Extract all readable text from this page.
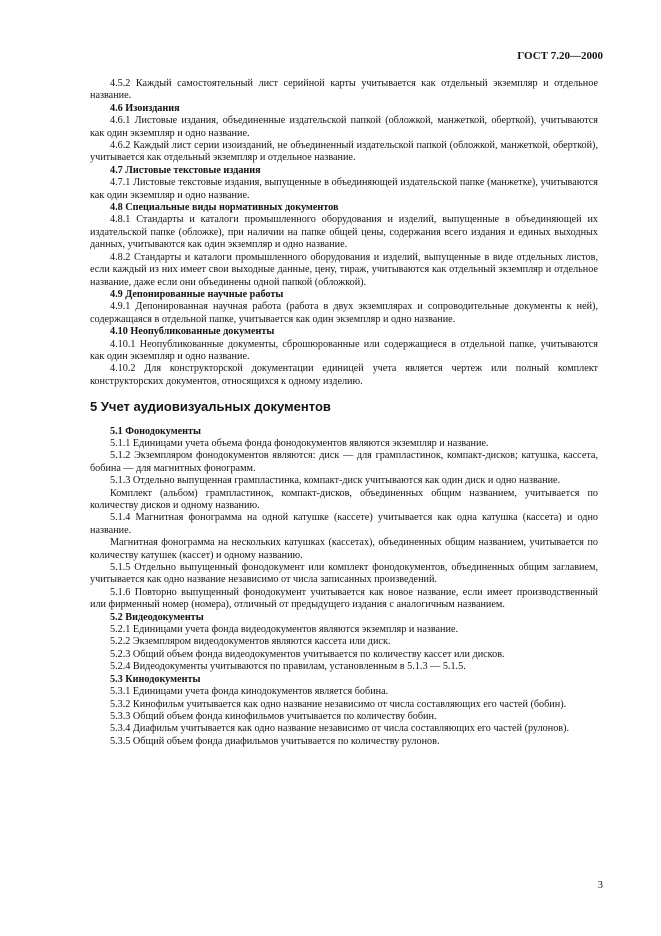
ГОСТ 7.20—2000

4.5.2 Каждый самостоятельный лист серийной карты учитывается как отдельный экземпляр и отдельное название.

4.6 Изоиздания

4.6.1 Листовые издания, объединенные издательской папкой (обложкой, манжеткой, оберткой), учитываются как один экземпляр и одно название.

4.6.2 Каждый лист серии изоизданий, не объединенный издательской папкой (обложкой, манжеткой, оберткой), учитывается как отдельный экземпляр и отдельное название.

4.7 Листовые текстовые издания

4.7.1 Листовые текстовые издания, выпущенные в объединяющей издательской папке (манжетке), учитываются как один экземпляр и одно название.

4.8 Специальные виды нормативных документов

4.8.1 Стандарты и каталоги промышленного оборудования и изделий, выпущенные в объединяющей их издательской папке (обложке), при наличии на папке общей цены, содержания всего издания и единых выходных данных, учитываются как один экземпляр и одно название.

4.8.2 Стандарты и каталоги промышленного оборудования и изделий, выпущенные в виде отдельных листов, если каждый из них имеет свои выходные данные, цену, тираж, учитываются как отдельный экземпляр и отдельное название, даже если они объединены одной папкой (обложкой).

4.9 Депонированные научные работы

4.9.1 Депонированная научная работа (работа в двух экземплярах и сопроводительные документы к ней), содержащаяся в отдельной папке, учитывается как один экземпляр и одно название.

4.10 Неопубликованные документы

4.10.1 Неопубликованные документы, сброшюрованные или содержащиеся в отдельной папке, учитываются как один экземпляр и одно название.

4.10.2 Для конструкторской документации единицей учета является чертеж или полный комплект конструкторских документов, относящихся к одному изделию.

5 Учет аудиовизуальных документов

5.1 Фонодокументы

5.1.1 Единицами учета объема фонда фонодокументов являются экземпляр и название.

5.1.2 Экземпляром фонодокументов являются: диск — для грампластинок, компакт-дисков; катушка, кассета, бобина — для магнитных фонограмм.

5.1.3 Отдельно выпущенная грампластинка, компакт-диск учитываются как один диск и одно название.

Комплект (альбом) грампластинок, компакт-дисков, объединенных общим названием, учитывается по количеству дисков и одному названию.

5.1.4 Магнитная фонограмма на одной катушке (кассете) учитывается как одна катушка (кассета) и одно название.

Магнитная фонограмма на нескольких катушках (кассетах), объединенных общим названием, учитывается по количеству катушек (кассет) и одному названию.

5.1.5 Отдельно выпущенный фонодокумент или комплект фонодокументов, объединенных общим заглавием, учитывается как одно название независимо от числа записанных произведений.

5.1.6 Повторно выпущенный фонодокумент учитывается как новое название, если имеет производственный или фирменный номер (номера), отличный от предыдущего издания с аналогичным названием.

5.2 Видеодокументы

5.2.1 Единицами учета фонда видеодокументов являются экземпляр и название.

5.2.2 Экземпляром видеодокументов являются кассета или диск.

5.2.3 Общий объем фонда видеодокументов учитывается по количеству кассет или дисков.

5.2.4 Видеодокументы учитываются по правилам, установленным в 5.1.3 — 5.1.5.

5.3 Кинодокументы

5.3.1 Единицами учета фонда кинодокументов является бобина.

5.3.2 Кинофильм учитывается как одно название независимо от числа составляющих его частей (бобин).

5.3.3 Общий объем фонда кинофильмов учитывается по количеству бобин.

5.3.4 Диафильм учитывается как одно название независимо от числа составляющих его частей (рулонов).

5.3.5 Общий объем фонда диафильмов учитывается по количеству рулонов.

3
